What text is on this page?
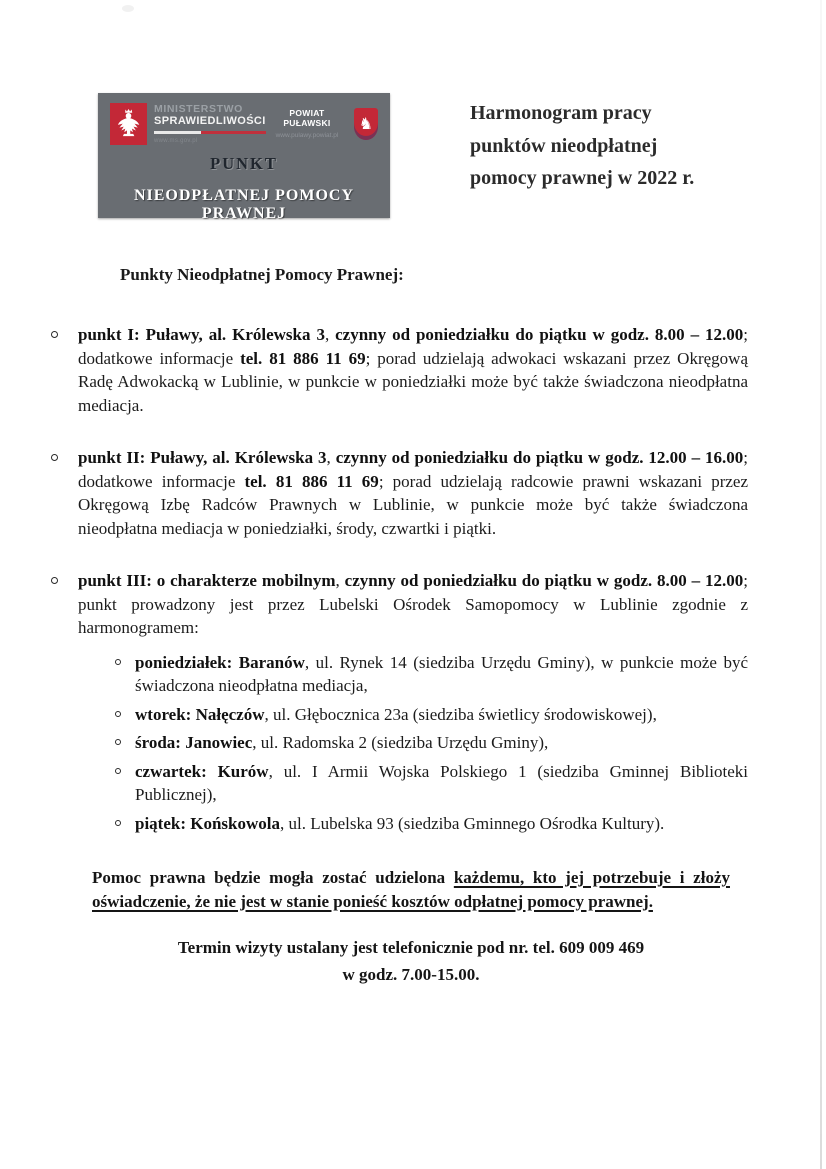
MINISTERSTWO
SPRAWIEDLIWOŚCI
www.ms.gov.pl
POWIAT PUŁAWSKI
www.pulawy.powiat.pl
♞
PUNKT
NIEODPŁATNEJ POMOCY PRAWNEJ
Harmonogram pracy
punktów nieodpłatnej
pomocy prawnej w 2022 r.
Punkty Nieodpłatnej Pomocy Prawnej:
punkt I: Puławy, al. Królewska 3, czynny od poniedziałku do piątku w godz. 8.00 – 12.00; dodatkowe informacje tel. 81 886 11 69; porad udzielają adwokaci wskazani przez Okręgową Radę Adwokacką w Lublinie, w punkcie w poniedziałki może być także świadczona nieodpłatna mediacja.
punkt II: Puławy, al. Królewska 3, czynny od poniedziałku do piątku w godz. 12.00 – 16.00; dodatkowe informacje tel. 81 886 11 69; porad udzielają radcowie prawni wskazani przez Okręgową Izbę Radców Prawnych w Lublinie, w punkcie może być także świadczona nieodpłatna mediacja w poniedziałki, środy, czwartki i piątki.
punkt III: o charakterze mobilnym, czynny od poniedziałku do piątku w godz. 8.00 – 12.00; punkt prowadzony jest przez Lubelski Ośrodek Samopomocy w Lublinie zgodnie z harmonogramem:
poniedziałek: Baranów, ul. Rynek 14 (siedziba Urzędu Gminy), w punkcie może być świadczona nieodpłatna mediacja,
wtorek: Nałęczów, ul. Głębocznica 23a (siedziba świetlicy środowiskowej),
środa: Janowiec, ul. Radomska 2 (siedziba Urzędu Gminy),
czwartek: Kurów, ul. I Armii Wojska Polskiego 1 (siedziba Gminnej Biblioteki Publicznej),
piątek: Końskowola, ul. Lubelska 93 (siedziba Gminnego Ośrodka Kultury).

Pomoc prawna będzie mogła zostać udzielona każdemu, kto jej potrzebuje i złoży oświadczenie, że nie jest w stanie ponieść kosztów odpłatnej pomocy prawnej.

Termin wizyty ustalany jest telefonicznie pod nr. tel. 609 009 469
w godz. 7.00-15.00.
